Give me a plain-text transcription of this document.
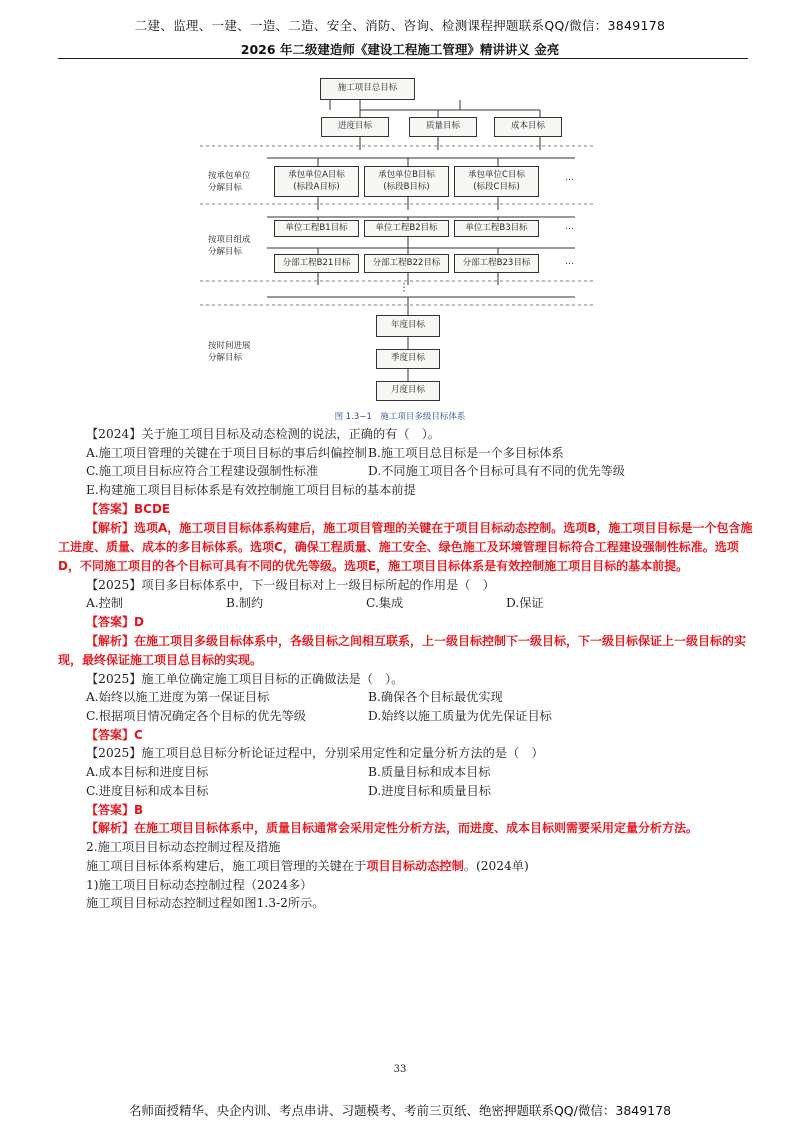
二建、监理、一建、一造、二造、安全、消防、咨询、检测课程押题联系QQ/微信：3849178
2026 年二级建造师《建设工程施工管理》精讲讲义 金亮
施工项目总目标
进度目标	质量目标	成本目标
按承包单位
分解目标
承包单位A目标
(标段A目标)
承包单位B目标
(标段B目标)
承包单位C目标
(标段C目标)
…
按项目组成
分解目标
单位工程B1目标	单位工程B2目标	单位工程B3目标	…
分部工程B21目标	分部工程B22目标	分部工程B23目标	…
按时间进展
分解目标
年度目标
季度目标
月度目标
图 1.3−1　施工项目多级目标体系
【2024】关于施工项目目标及动态检测的说法，正确的有（　）。
A.施工项目管理的关键在于项目目标的事后纠偏控制 B.施工项目总目标是一个多目标体系
C.施工项目目标应符合工程建设强制性标准	D.不同施工项目各个目标可具有不同的优先等级
E.构建施工项目目标体系是有效控制施工项目目标的基本前提
【答案】BCDE
【解析】选项A，施工项目目标体系构建后，施工项目管理的关键在于项目目标动态控制。选项B，施工项目目标是一个包含施工进度、质量、成本的多目标体系。选项C，确保工程质量、施工安全、绿色施工及环境管理目标符合工程建设强制性标准。选项D，不同施工项目的各个目标可具有不同的优先等级。选项E，施工项目目标体系是有效控制施工项目目标的基本前提。
【2025】项目多目标体系中，下一级目标对上一级目标所起的作用是（　）
A.控制	B.制约	C.集成	D.保证
【答案】D
【解析】在施工项目多级目标体系中，各级目标之间相互联系，上一级目标控制下一级目标，下一级目标保证上一级目标的实现，最终保证施工项目总目标的实现。
【2025】施工单位确定施工项目目标的正确做法是（　）。
A.始终以施工进度为第一保证目标	B.确保各个目标最优实现
C.根据项目情况确定各个目标的优先等级	D.始终以施工质量为优先保证目标
【答案】C
【2025】施工项目总目标分析论证过程中，分别采用定性和定量分析方法的是（　）
A.成本目标和进度目标	B.质量目标和成本目标
C.进度目标和成本目标	D.进度目标和质量目标
【答案】B
【解析】在施工项目目标体系中，质量目标通常会采用定性分析方法，而进度、成本目标则需要采用定量分析方法。
2.施工项目目标动态控制过程及措施
施工项目目标体系构建后，施工项目管理的关键在于项目目标动态控制。(2024单)
1)施工项目目标动态控制过程（2024多）
施工项目目标动态控制过程如图1.3-2所示。
33
名师面授精华、央企内训、考点串讲、习题模考、考前三页纸、绝密押题联系QQ/微信：3849178
